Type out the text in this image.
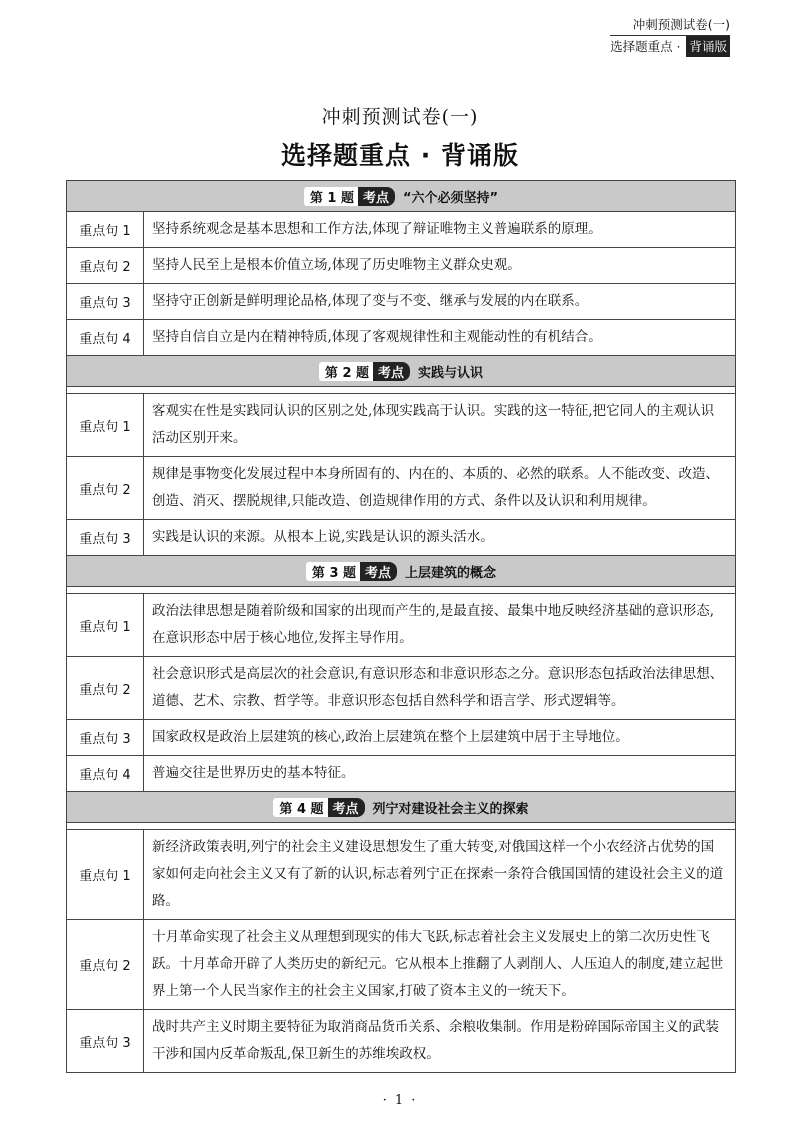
冲刺预测试卷(一)
选择题重点 · 背诵版
冲刺预测试卷(一)
选择题重点 · 背诵版
第 1 题 考点 “六个必须坚持”	
重点句 1	坚持系统观念是基本思想和工作方法,体现了辩证唯物主义普遍联系的原理。
重点句 2	坚持人民至上是根本价值立场,体现了历史唯物主义群众史观。
重点句 3	坚持守正创新是鲜明理论品格,体现了变与不变、继承与发展的内在联系。
重点句 4	坚持自信自立是内在精神特质,体现了客观规律性和主观能动性的有机结合。
第 2 题 考点 实践与认识	

重点句 1	客观实在性是实践同认识的区别之处,体现实践高于认识。实践的这一特征,把它同人的主观认识活动区别开来。
重点句 2	规律是事物变化发展过程中本身所固有的、内在的、本质的、必然的联系。人不能改变、改造、创造、消灭、摆脱规律,只能改造、创造规律作用的方式、条件以及认识和利用规律。
重点句 3	实践是认识的来源。从根本上说,实践是认识的源头活水。
第 3 题 考点 上层建筑的概念	

重点句 1	政治法律思想是随着阶级和国家的出现而产生的,是最直接、最集中地反映经济基础的意识形态,在意识形态中居于核心地位,发挥主导作用。
重点句 2	社会意识形式是高层次的社会意识,有意识形态和非意识形态之分。意识形态包括政治法律思想、道德、艺术、宗教、哲学等。非意识形态包括自然科学和语言学、形式逻辑等。
重点句 3	国家政权是政治上层建筑的核心,政治上层建筑在整个上层建筑中居于主导地位。
重点句 4	普遍交往是世界历史的基本特征。
第 4 题 考点 列宁对建设社会主义的探索	

重点句 1	新经济政策表明,列宁的社会主义建设思想发生了重大转变,对俄国这样一个小农经济占优势的国家如何走向社会主义又有了新的认识,标志着列宁正在探索一条符合俄国国情的建设社会主义的道路。
重点句 2	十月革命实现了社会主义从理想到现实的伟大飞跃,标志着社会主义发展史上的第二次历史性飞跃。十月革命开辟了人类历史的新纪元。它从根本上推翻了人剥削人、人压迫人的制度,建立起世界上第一个人民当家作主的社会主义国家,打破了资本主义的一统天下。
重点句 3	战时共产主义时期主要特征为取消商品货币关系、余粮收集制。作用是粉碎国际帝国主义的武装干涉和国内反革命叛乱,保卫新生的苏维埃政权。
· 1 ·
